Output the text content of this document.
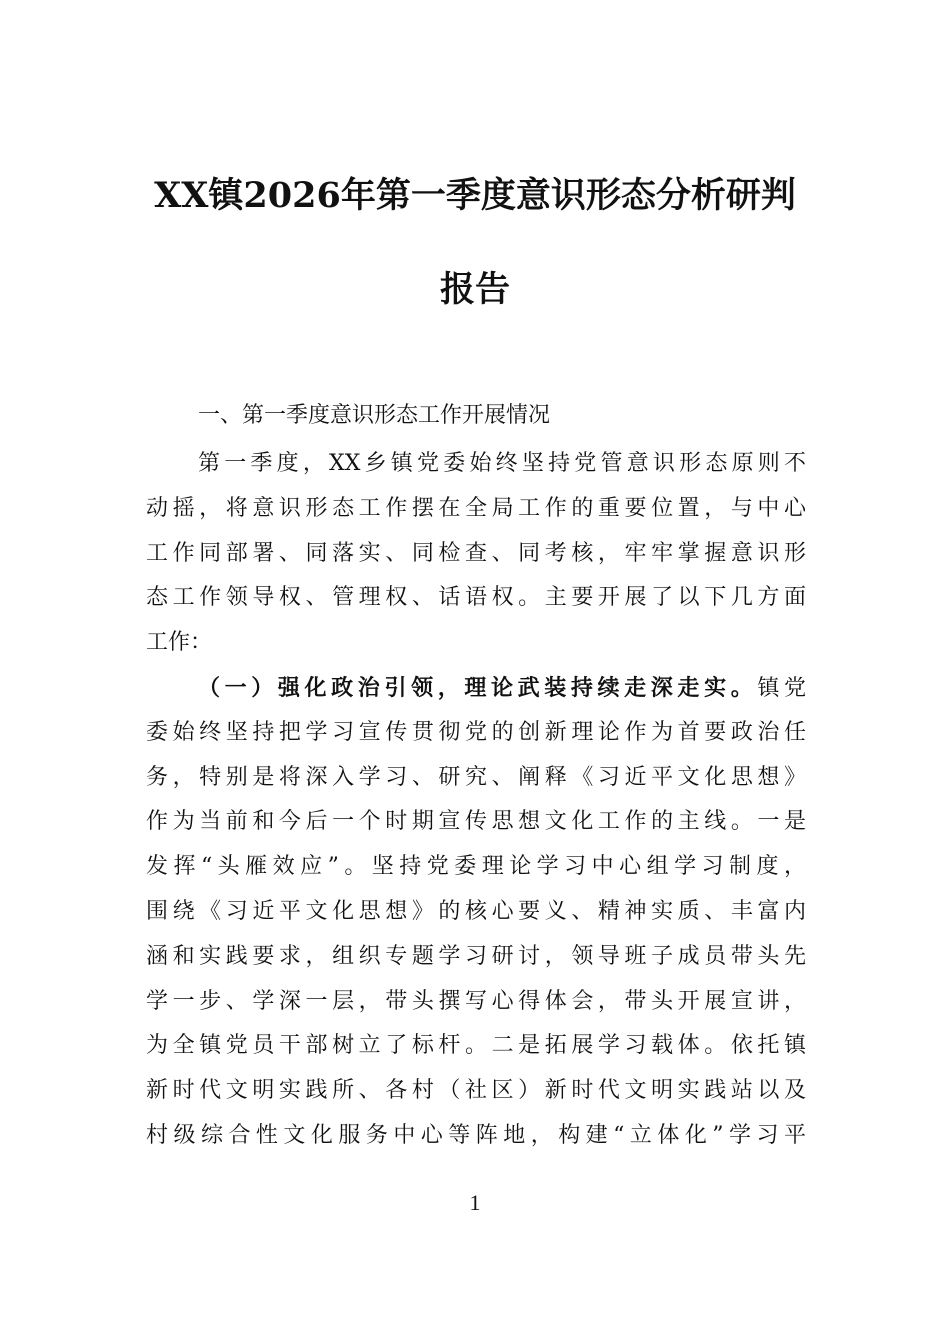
XX镇2026年第一季度意识形态分析研判
报告
一、第一季度意识形态工作开展情况
第一季度，XX乡镇党委始终坚持党管意识形态原则不
动摇，将意识形态工作摆在全局工作的重要位置，与中心
工作同部署、同落实、同检查、同考核，牢牢掌握意识形
态工作领导权、管理权、话语权。主要开展了以下几方面
工作：
（一）强化政治引领，理论武装持续走深走实。镇党
委始终坚持把学习宣传贯彻党的创新理论作为首要政治任
务，特别是将深入学习、研究、阐释《习近平文化思想》
作为当前和今后一个时期宣传思想文化工作的主线。一是
发挥“头雁效应”。坚持党委理论学习中心组学习制度，
围绕《习近平文化思想》的核心要义、精神实质、丰富内
涵和实践要求，组织专题学习研讨，领导班子成员带头先
学一步、学深一层，带头撰写心得体会，带头开展宣讲，
为全镇党员干部树立了标杆。二是拓展学习载体。依托镇
新时代文明实践所、各村（社区）新时代文明实践站以及
村级综合性文化服务中心等阵地，构建“立体化”学习平
1
